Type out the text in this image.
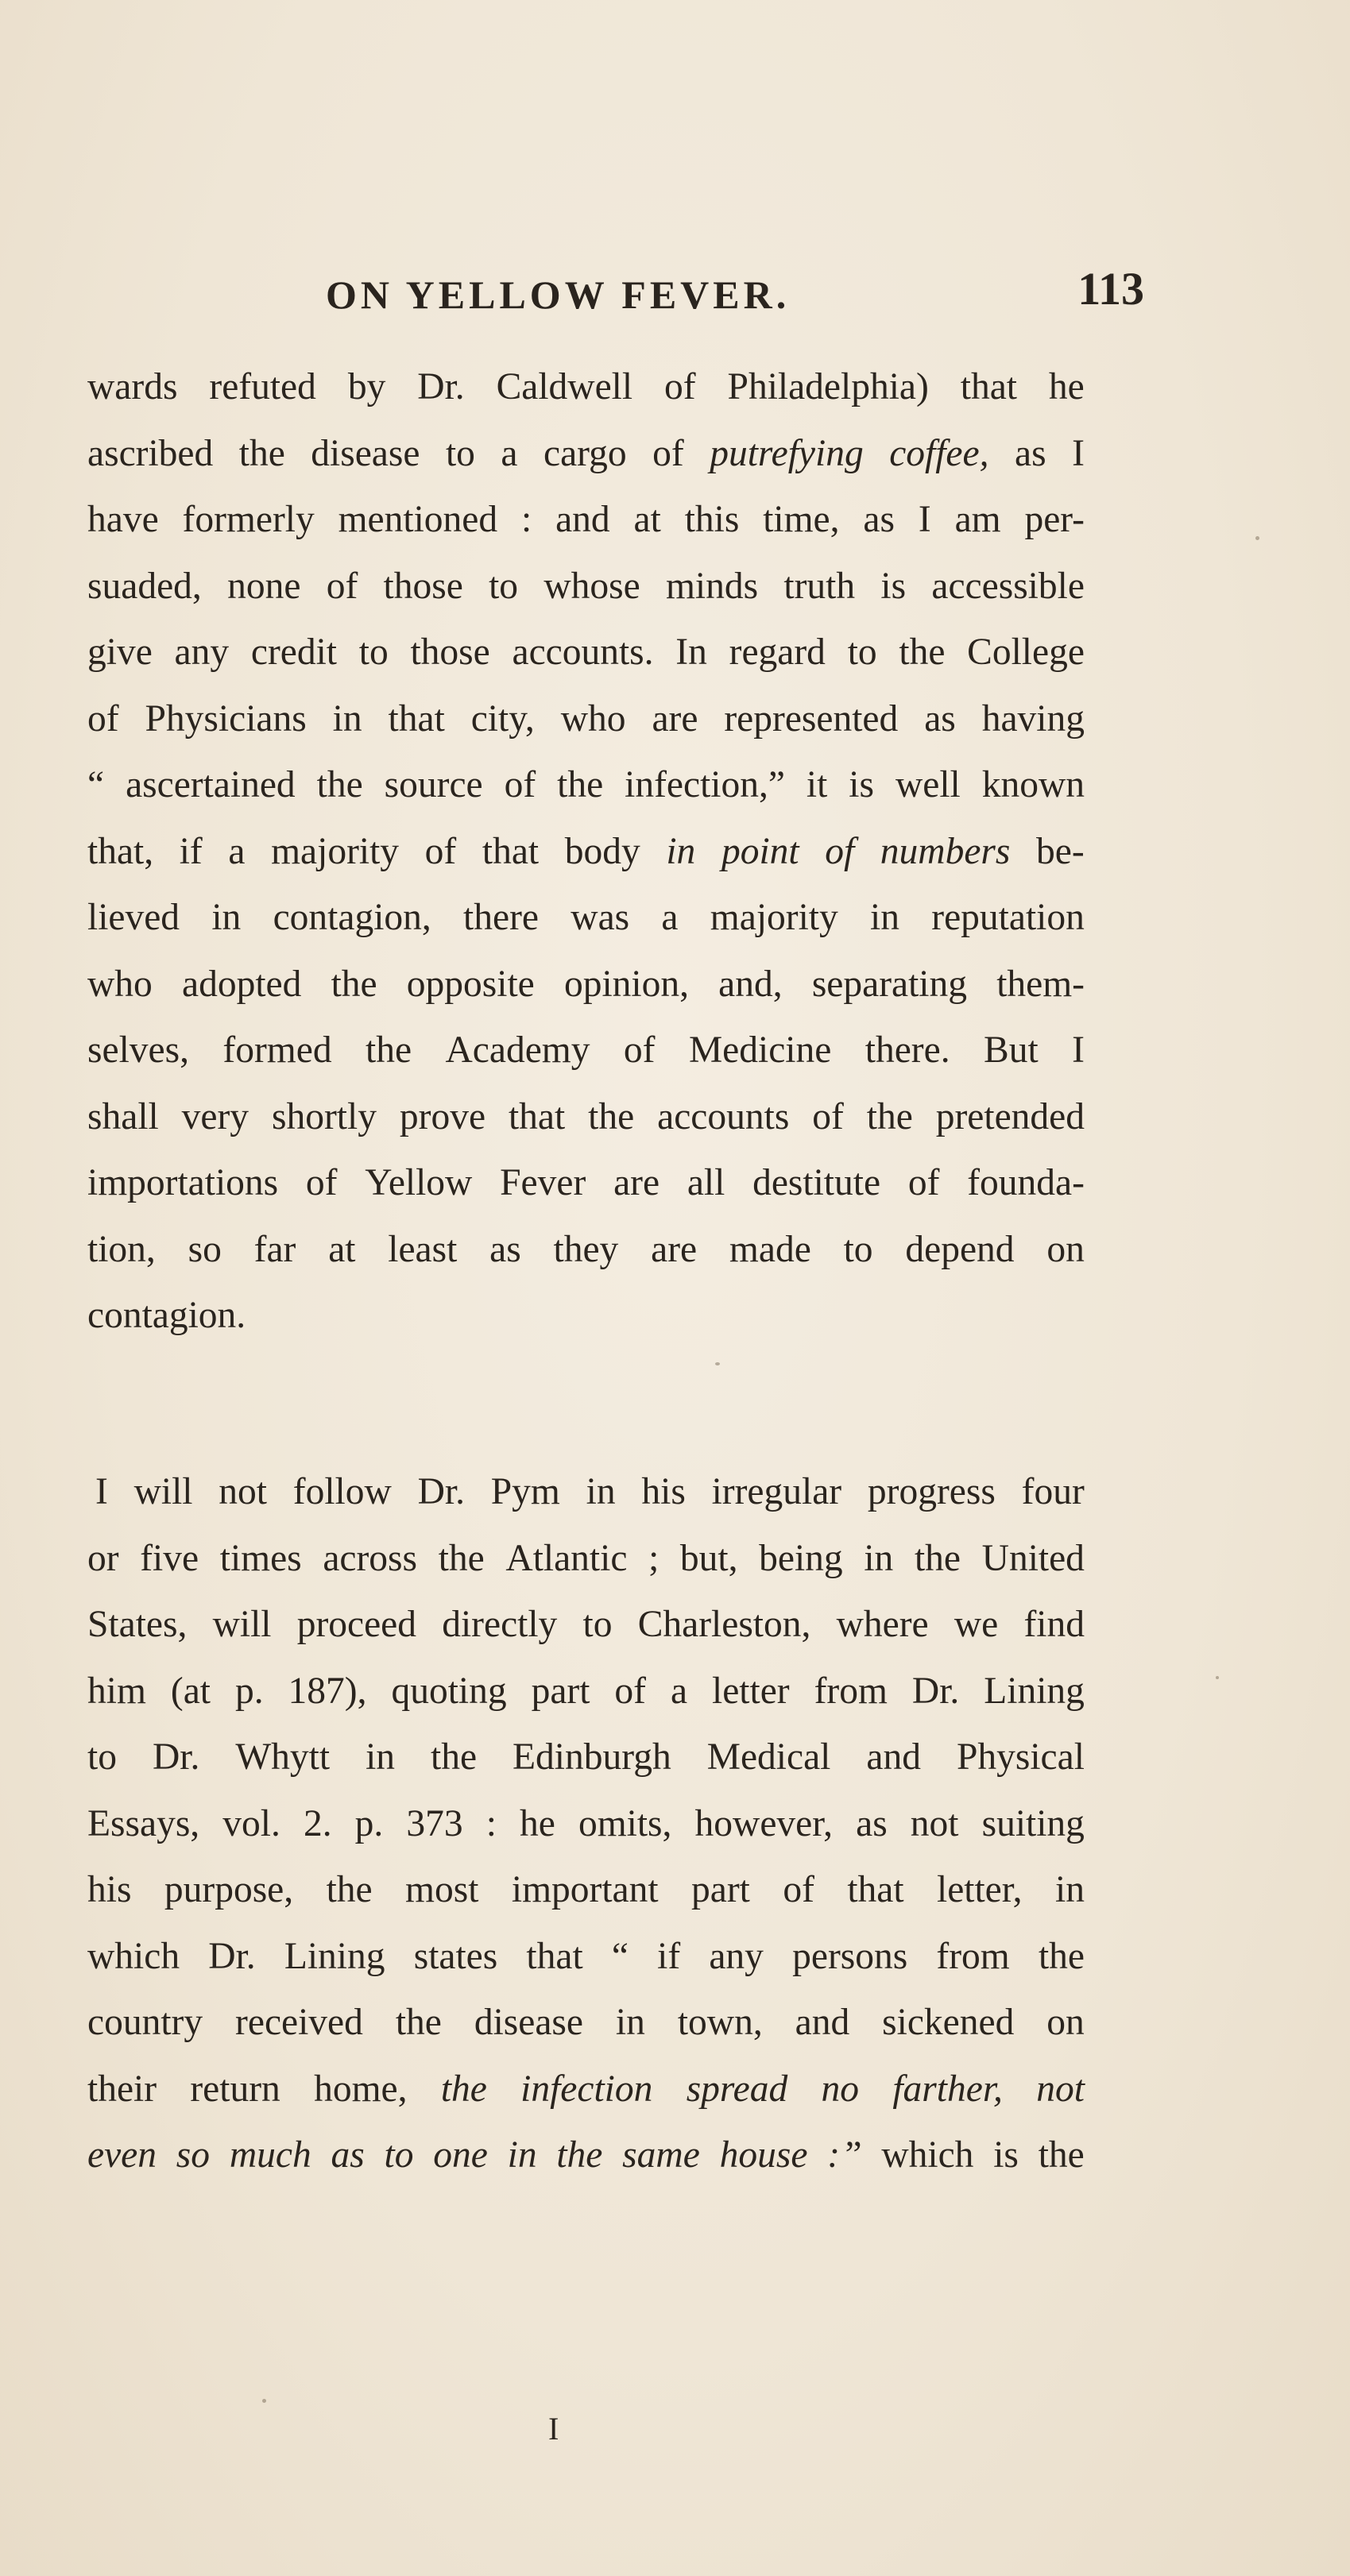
ON YELLOW FEVER.	113
wards
refuted
by
Dr.
Caldwell
of
Philadelphia)
that
he
ascribed
the
disease
to
a
cargo
of
putrefying
coffee,
as
I
have
formerly
mentioned
:
and
at
this
time,
as
I
am
per-
suaded,
none
of
those
to
whose
minds
truth
is
accessible
give
any
credit
to
those
accounts.
In
regard
to
the
College
of
Physicians
in
that
city,
who
are
represented
as
having
“
ascertained
the
source
of
the
infection,”
it
is
well
known
that,
if
a
majority
of
that
body
in
point
of
numbers
be-
lieved
in
contagion,
there
was
a
majority
in
reputation
who
adopted
the
opposite
opinion,
and,
separating
them-
selves,
formed
the
Academy
of
Medicine
there.
But
I
shall
very
shortly
prove
that
the
accounts
of
the
pretended
importations
of
Yellow
Fever
are
all
destitute
of
founda-
tion,
so
far
at
least
as
they
are
made
to
depend
on
contagion.
I
will
not
follow
Dr.
Pym
in
his
irregular
progress
four
or
five
times
across
the
Atlantic
;
but,
being
in
the
United
States,
will
proceed
directly
to
Charleston,
where
we
find
him
(at
p.
187),
quoting
part
of
a
letter
from
Dr.
Lining
to
Dr.
Whytt
in
the
Edinburgh
Medical
and
Physical
Essays,
vol.
2.
p.
373
:
he
omits,
however,
as
not
suiting
his
purpose,
the
most
important
part
of
that
letter,
in
which
Dr.
Lining
states
that
“
if
any
persons
from
the
country
received
the
disease
in
town,
and
sickened
on
their
return
home,
the
infection
spread
no
farther,
not
even
so
much
as
to
one
in
the
same
house
: ”
which
is
the
I
